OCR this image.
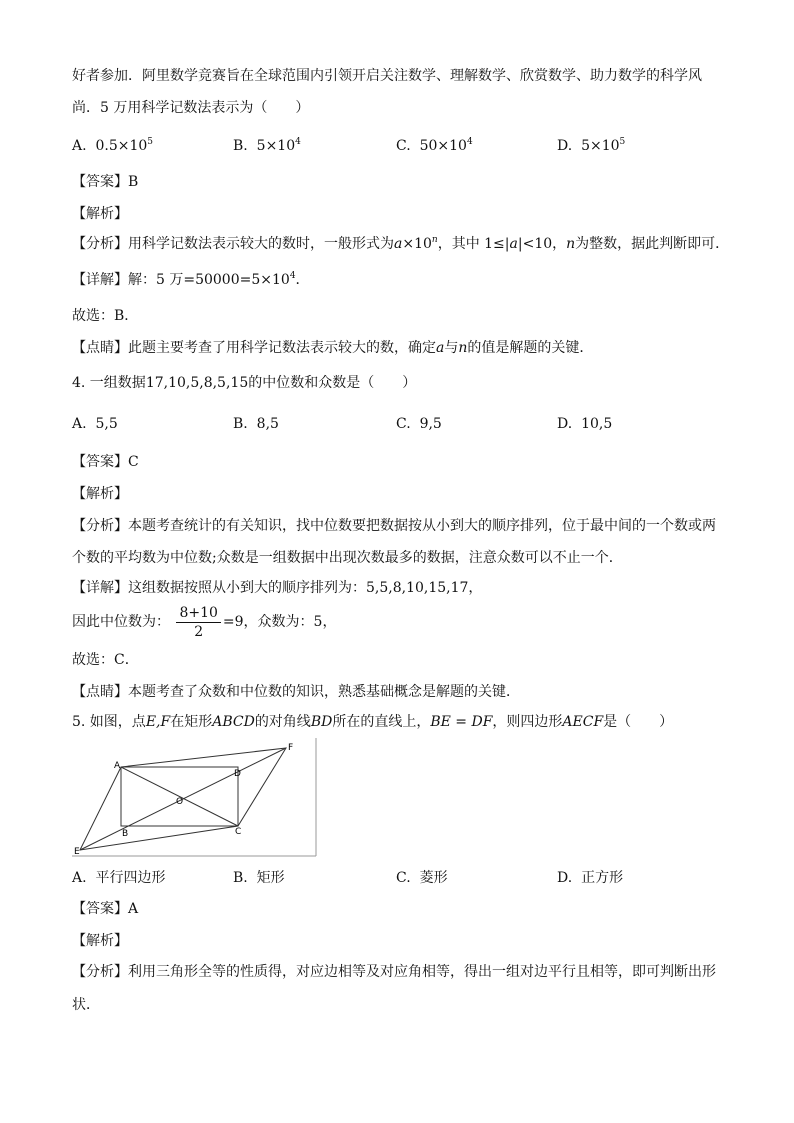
好者参加．阿里数学竞赛旨在全球范围内引领开启关注数学、理解数学、欣赏数学、助力数学的科学风
尚．5 万用科学记数法表示为（　　）
A. $0.5\times 10^5$	B. $5\times 10^4$	C. $50\times 10^4$	D. $5\times 10^5$
【答案】B
【解析】
【分析】用科学记数法表示较大的数时，一般形式为$a\times 10^n$，其中 1≤|a|<10，n为整数，据此判断即可．
【详解】解：5 万$=50000=5\times 10^4$．
故选：B．
【点睛】此题主要考查了用科学记数法表示较大的数，确定a与n的值是解题的关键．
4. 一组数据17,10,5,8,5,15的中位数和众数是（　　）
A. 5,5	B. 8,5	C. 9,5	D. 10,5
【答案】C
【解析】
【分析】本题考查统计的有关知识，找中位数要把数据按从小到大的顺序排列，位于最中间的一个数或两
个数的平均数为中位数;众数是一组数据中出现次数最多的数据，注意众数可以不止一个．
【详解】这组数据按照从小到大的顺序排列为：5,5,8,10,15,17，
因此中位数为： $\frac{8+10}{2} =9$，众数为：5，
故选：C．
【点睛】本题考查了众数和中位数的知识，熟悉基础概念是解题的关键．
5. 如图，点E,F在矩形ABCD的对角线BD所在的直线上，BE = DF，则四边形AECF是（　　）
A
B	C
D
O
F
E
A. 平行四边形	B. 矩形	C. 菱形	D. 正方形
【答案】A
【解析】
【分析】利用三角形全等的性质得，对应边相等及对应角相等，得出一组对边平行且相等，即可判断出形
状．
